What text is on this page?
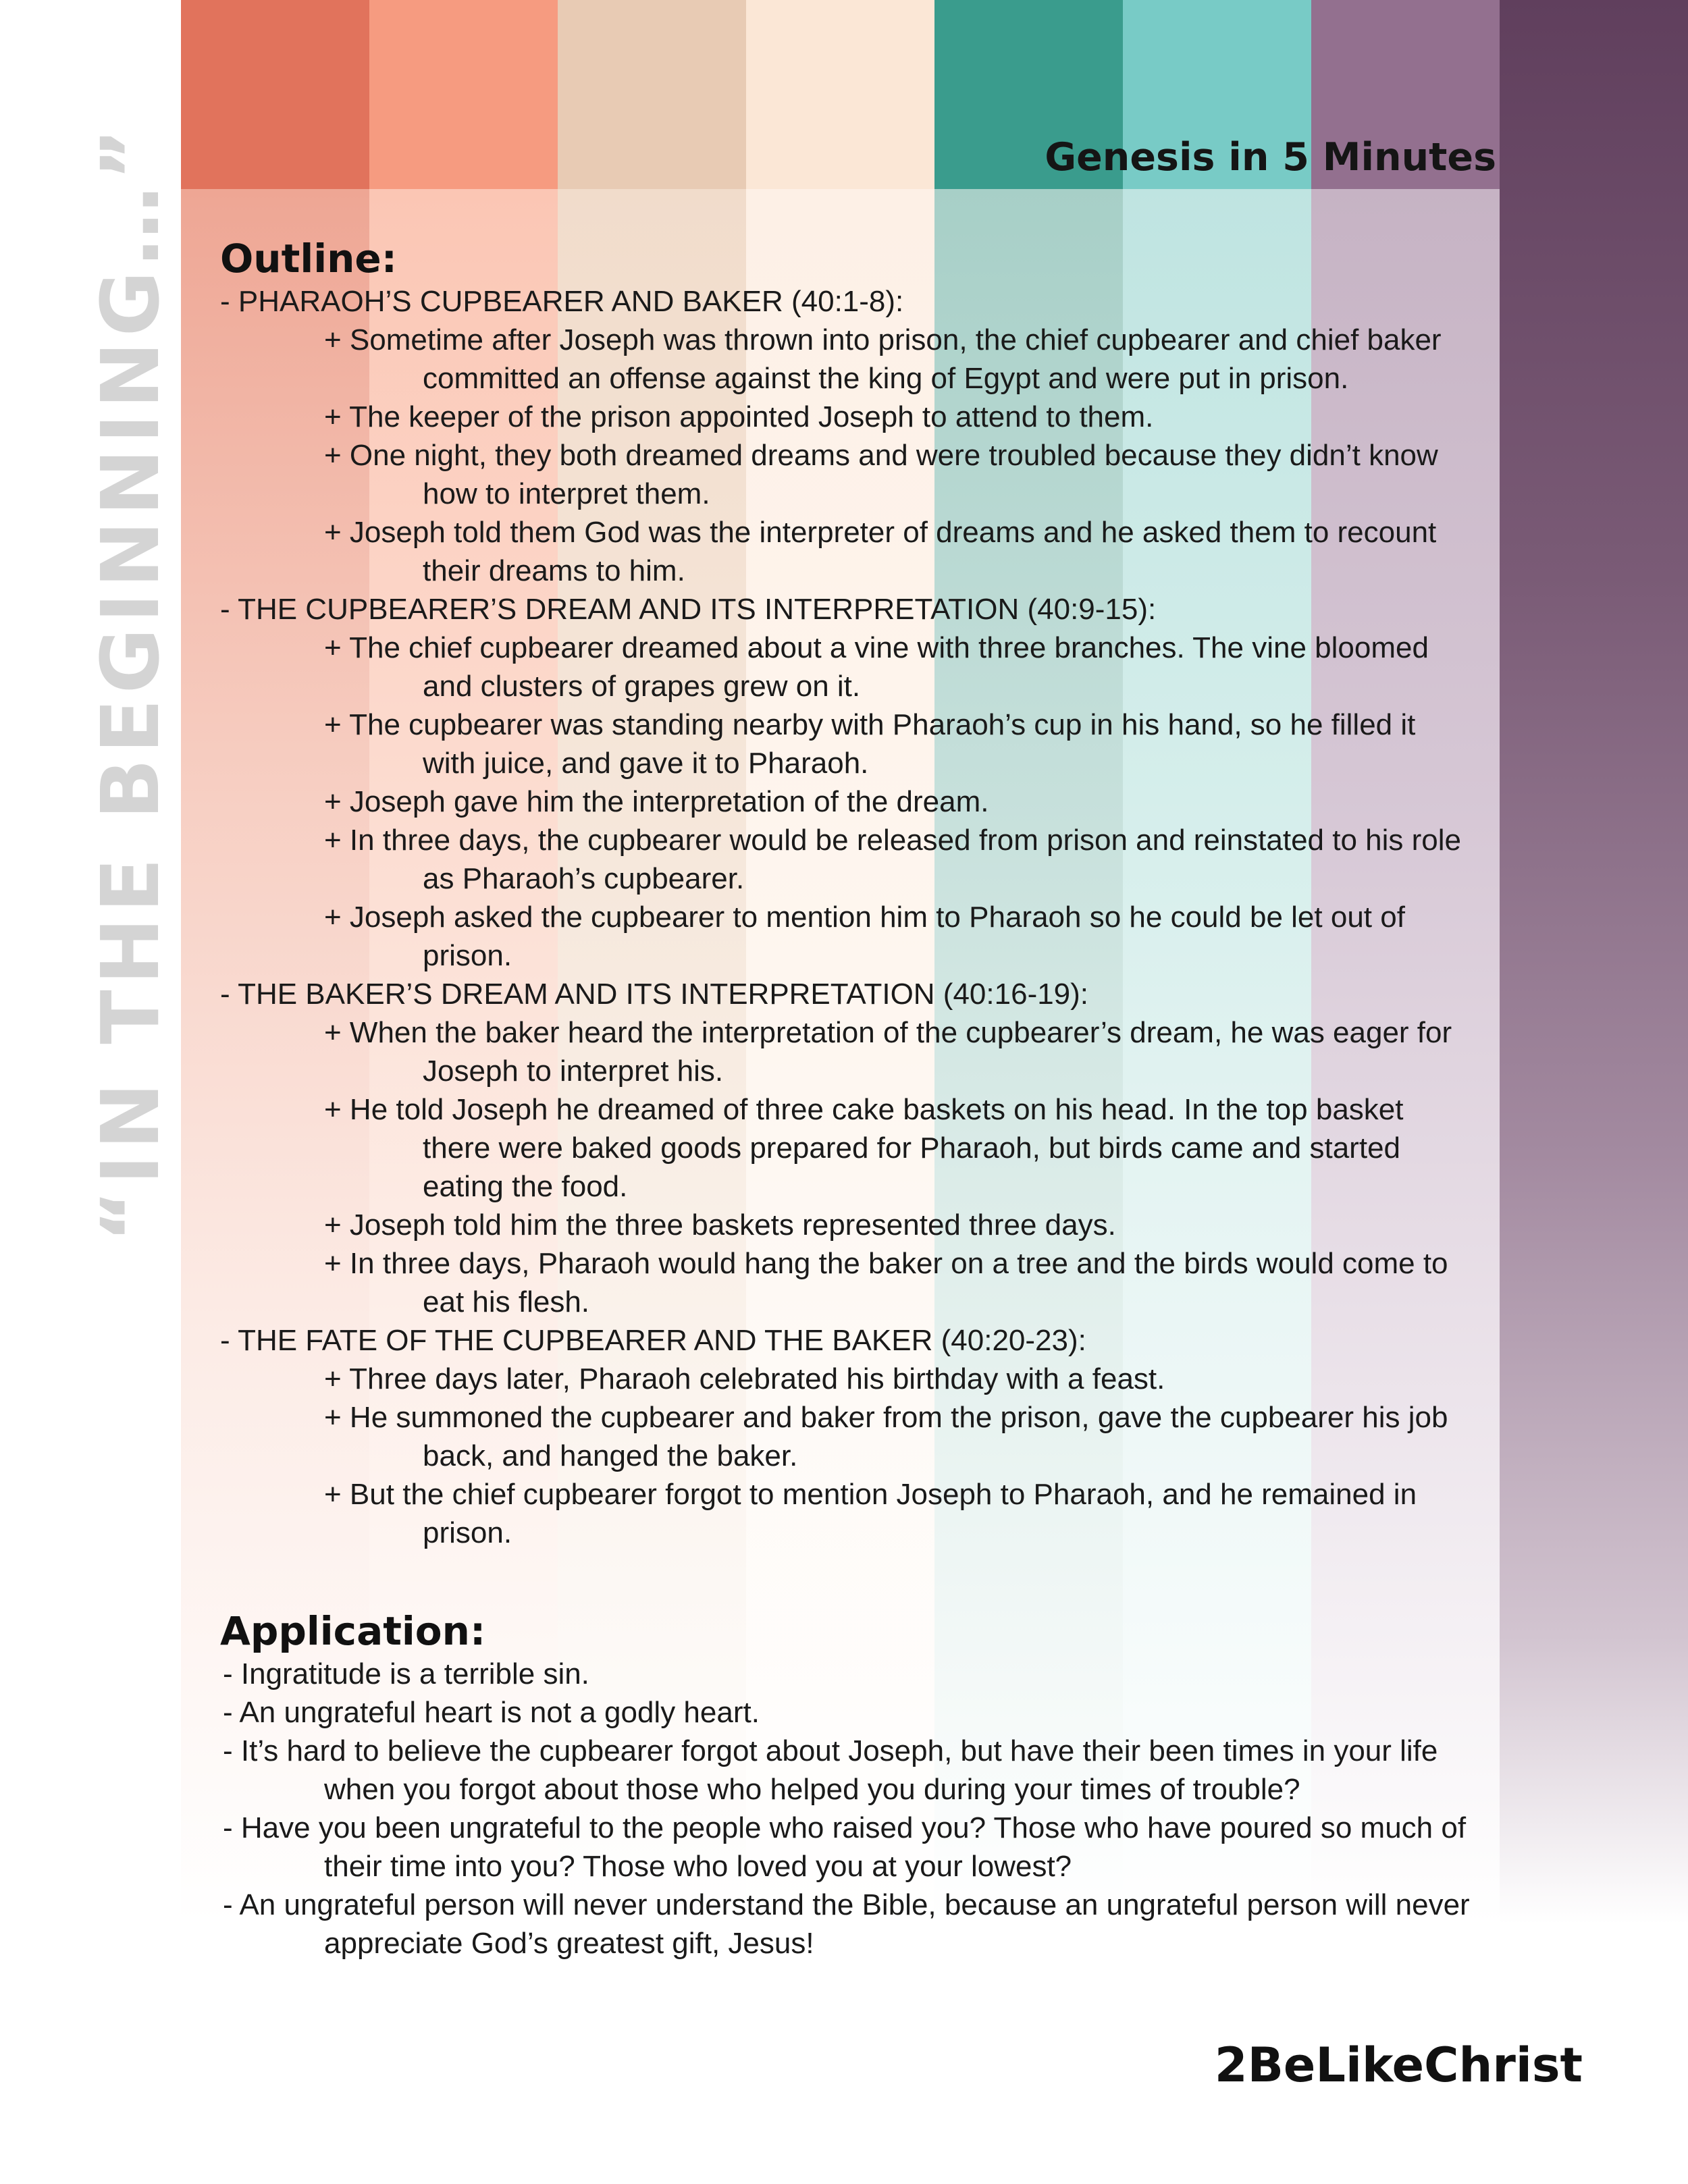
“IN THE BEGINNING…”	Genesis in 5 Minutes
Outline:
- PHARAOH’S CUPBEARER AND BAKER (40:1-8):
+ Sometime after Joseph was thrown into prison, the chief cupbearer and chief baker committed an offense against the king of Egypt and were put in prison.
+ The keeper of the prison appointed Joseph to attend to them.
+ One night, they both dreamed dreams and were troubled because they didn’t know how to interpret them.
+ Joseph told them God was the interpreter of dreams and he asked them to recount their dreams to him.
- THE CUPBEARER’S DREAM AND ITS INTERPRETATION (40:9-15):
+ The chief cupbearer dreamed about a vine with three branches. The vine bloomed and clusters of grapes grew on it.
+ The cupbearer was standing nearby with Pharaoh’s cup in his hand, so he filled it with juice, and gave it to Pharaoh.
+ Joseph gave him the interpretation of the dream.
+ In three days, the cupbearer would be released from prison and reinstated to his role as Pharaoh’s cupbearer.
+ Joseph asked the cupbearer to mention him to Pharaoh so he could be let out of prison.
- THE BAKER’S DREAM AND ITS INTERPRETATION (40:16-19):
+ When the baker heard the interpretation of the cupbearer’s dream, he was eager for Joseph to interpret his.
+ He told Joseph he dreamed of three cake baskets on his head. In the top basket there were baked goods prepared for Pharaoh, but birds came and started eating the food.
+ Joseph told him the three baskets represented three days.
+ In three days, Pharaoh would hang the baker on a tree and the birds would come to eat his flesh.
- THE FATE OF THE CUPBEARER AND THE BAKER (40:20-23):
+ Three days later, Pharaoh celebrated his birthday with a feast.
+ He summoned the cupbearer and baker from the prison, gave the cupbearer his job back, and hanged the baker.
+ But the chief cupbearer forgot to mention Joseph to Pharaoh, and he remained in prison.
Application:
- Ingratitude is a terrible sin.
- An ungrateful heart is not a godly heart.
- It’s hard to believe the cupbearer forgot about Joseph, but have their been times in your life when you forgot about those who helped you during your times of trouble?
- Have you been ungrateful to the people who raised you? Those who have poured so much of their time into you? Those who loved you at your lowest?
- An ungrateful person will never understand the Bible, because an ungrateful person will never appreciate God’s greatest gift, Jesus!
2BeLikeChrist
